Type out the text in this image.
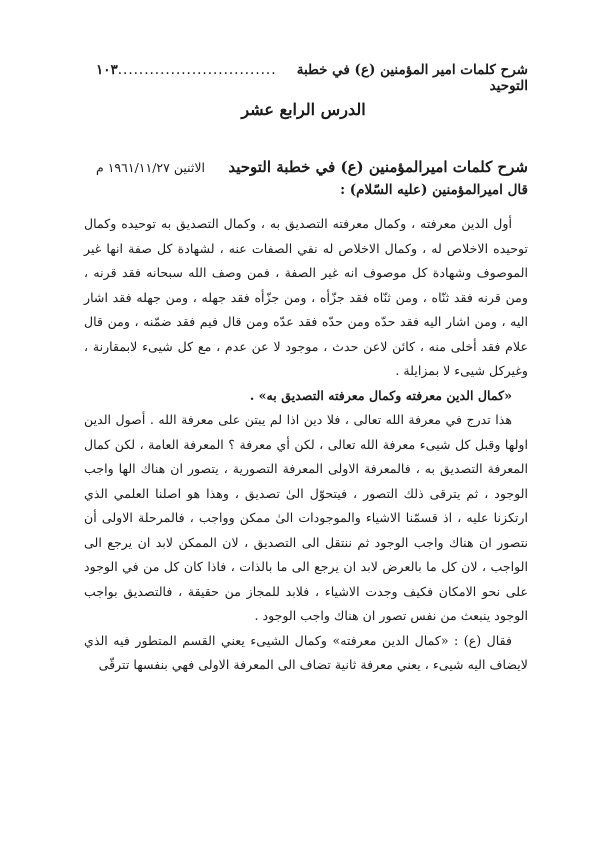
١٠٣ ..............................	شرح كلمات امير المؤمنين (ع) في خطبة التوحيد
الدرس الرابع عشر
شرح كلمات اميرالمؤمنين (ع) في خطبة التوحيد
الاثنين ١٩٦١/١١/٢٧ م
قال اميرالمؤمنين (عليه السّلام) :

أول الدين معرفته ، وكمال معرفته التصديق به ، وكمال التصديق به توحيده وكمال توحيده الاخلاص له ، وكمال الاخلاص له نفي الصفات عنه ، لشهادة كل صفة انها غير الموصوف وشهادة كل موصوف انه غير الصفة ، فمن وصف الله سبحانه فقد قرنه ، ومن قرنه فقد ثنّاه ، ومن ثنّاه فقد جزّأه ، ومن جزّأه فقد جهله ، ومن جهله فقد اشار اليه ، ومن اشار اليه فقد حدّه ومن حدّه فقد عدّه ومن قال فيم فقد ضمّنه ، ومن قال علام فقد أخلى منه ، كائن لاعن حدث ، موجود لا عن عدم ، مع كل شيىء لابمقارنة ، وغيركل شيىء لا بمزايلة .

«كمال الدين معرفته وكمال معرفته التصديق به» .

هذا تدرج في معرفة الله تعالى ، فلا دين اذا لم يبتن على معرفة الله . أصول الدين اولها وقبل كل شيىء معرفة الله تعالى ، لكن أي معرفة ؟ المعرفة العامة ، لكن كمال المعرفة التصديق به ، فالمعرفة الاولى المعرفة التصورية ، يتصور ان هناك الها واجب الوجود ، ثم يترقى ذلك التصور ، فيتحوّل الىٰ تصديق ، وهذا هو اصلنا العلمي الذي ارتكزنا عليه ، اذ قسمّنا الاشياء والموجودات الىٰ ممكن وواجب ، فالمرحلة الاولى أن نتصور ان هناك واجب الوجود ثم ننتقل الى التصديق ، لان الممكن لابد ان يرجع الى الواجب ، لان كل ما بالعرض لابد ان يرجع الى ما بالذات ، فاذا كان كل من في الوجود على نحو الامكان فكيف وجدت الاشياء ، فلابد للمجاز من حقيقة ، فالتصديق بواجب الوجود ينبعث من نفس تصور ان هناك واجب الوجود .

فقال (ع) : «كمال الدين معرفته» وكمال الشيىء يعني القسم المتطور فيه الذي لايضاف اليه شيىء ، يعني معرفة ثانية تضاف الى المعرفة الاولى فهي بنفسها تترقّى
